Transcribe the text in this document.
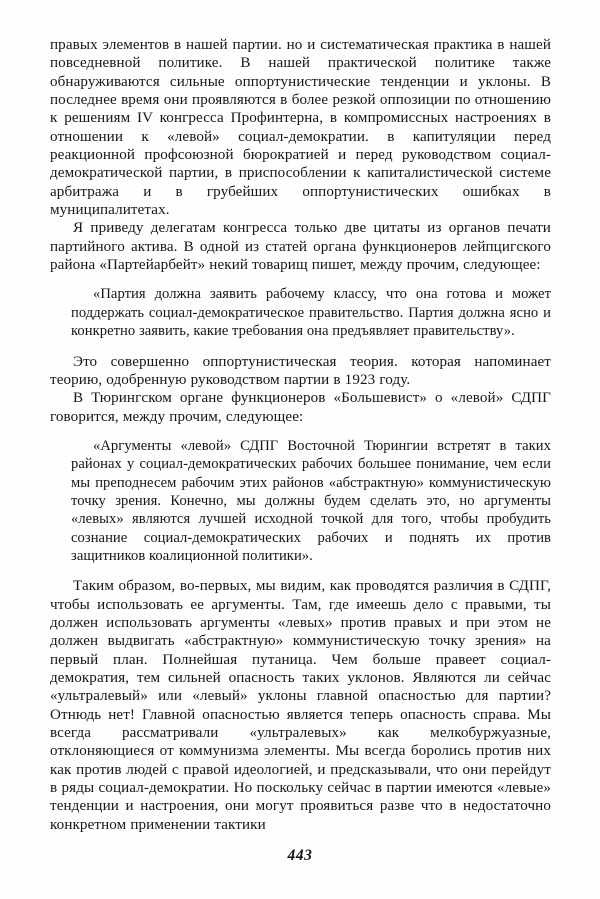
правых элементов в нашей партии. но и систематическая практика в нашей повседневной политике. В нашей практической политике также обнаруживаются сильные оппортунистические тенденции и уклоны. В последнее время они проявляются в более резкой оппозиции по отношению к решениям IV конгресса Профинтерна, в компромиссных настроениях в отношении к «левой» социал-демократии. в капитуляции перед реакционной профсоюзной бюрократией и перед руководством социал-демократической партии, в приспособлении к капиталистической системе арбитража и в грубейших оппортунистических ошибках в муниципалитетах.

Я приведу делегатам конгресса только две цитаты из органов печати партийного актива. В одной из статей органа функционеров лейпцигского района «Партейарбейт» некий товарищ пишет, между прочим, следующее:

«Партия должна заявить рабочему классу, что она готова и может поддержать социал-демократическое правительство. Партия должна ясно и конкретно заявить, какие требования она предъявляет правительству».

Это совершенно оппортунистическая теория. которая напоминает теорию, одобренную руководством партии в 1923 году.

В Тюрингском органе функционеров «Большевист» о «левой» СДПГ говорится, между прочим, следующее:

«Аргументы «левой» СДПГ Восточной Тюрингии встретят в таких районах у социал-демократических рабочих большее понимание, чем если мы преподнесем рабочим этих районов «абстрактную» коммунистическую точку зрения. Конечно, мы должны будем сделать это, но аргументы «левых» являются лучшей исходной точкой для того, чтобы пробудить сознание социал-демократических рабочих и поднять их против защитников коалиционной политики».

Таким образом, во-первых, мы видим, как проводятся различия в СДПГ, чтобы использовать ее аргументы. Там, где имеешь дело с правыми, ты должен использовать аргументы «левых» против правых и при этом не должен выдвигать «абстрактную» коммунистическую точку зрения» на первый план. Полнейшая путаница. Чем больше правеет социал-демократия, тем сильней опасность таких уклонов. Являются ли сейчас «ультралевый» или «левый» уклоны главной опасностью для партии? Отнюдь нет! Главной опасностью является теперь опасность справа. Мы всегда рассматривали «ультралевых» как мелкобуржуазные, отклоняющиеся от коммунизма элементы. Мы всегда боролись против них как против людей с правой идеологией, и предсказывали, что они перейдут в ряды социал-демократии. Но поскольку сейчас в партии имеются «левые» тенденции и настроения, они могут проявиться разве что в недостаточно конкретном применении тактики

443
